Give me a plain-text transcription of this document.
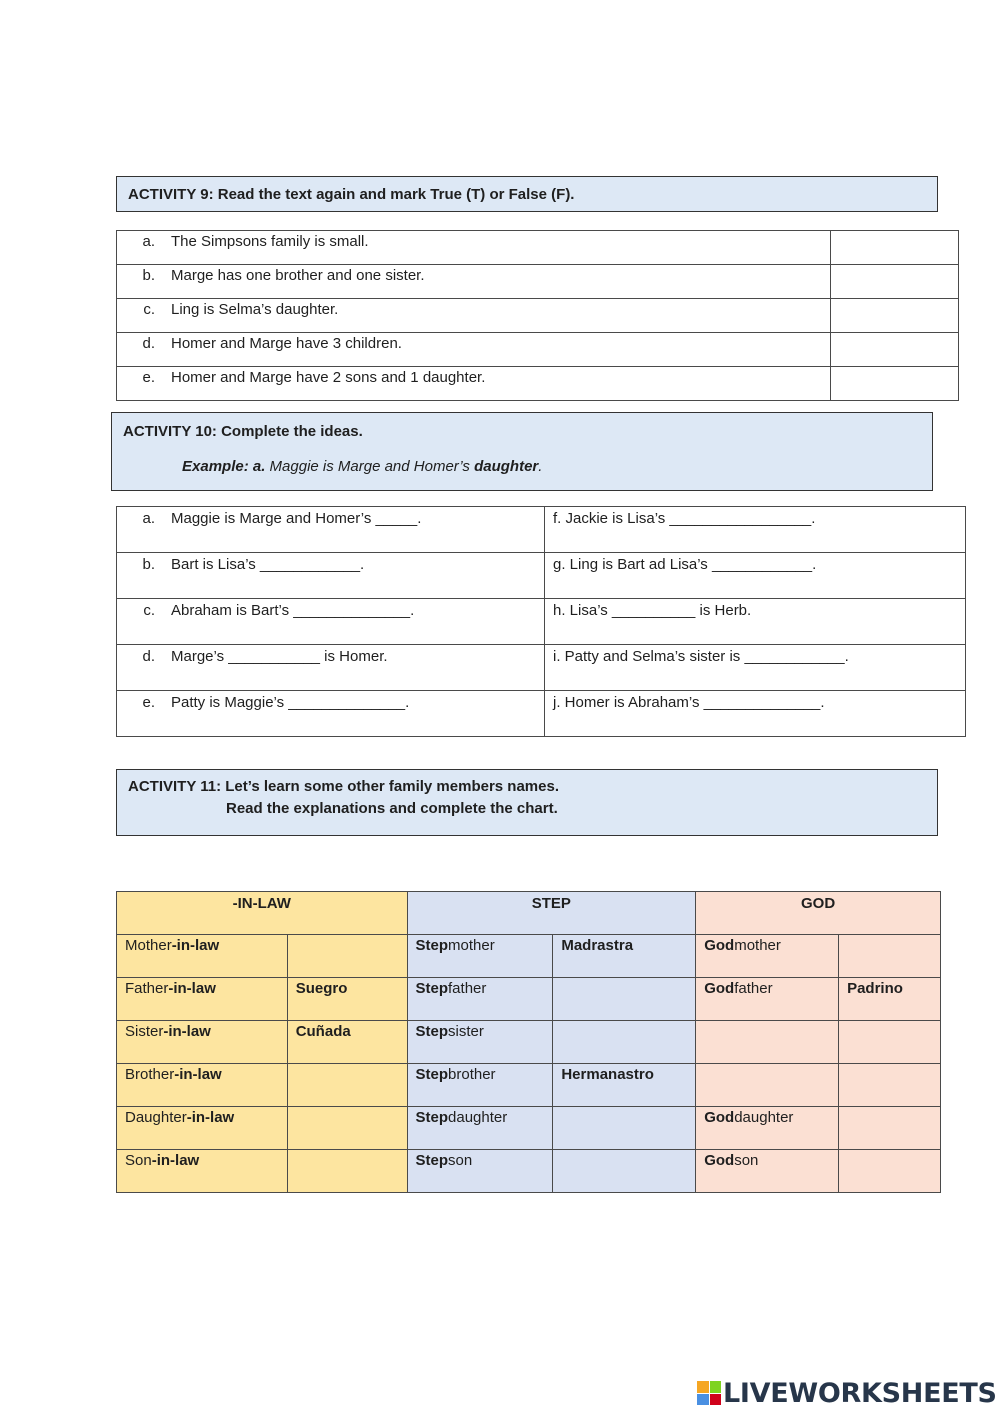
ACTIVITY 9: Read the text again and mark True (T) or False (F).
a. The Simpsons family is small.	
b. Marge has one brother and one sister.	
c. Ling is Selma’s daughter.	
d. Homer and Marge have 3 children.	
e. Homer and Marge have 2 sons and 1 daughter.	
ACTIVITY 10: Complete the ideas.
Example: a. Maggie is Marge and Homer’s daughter.
a. Maggie is Marge and Homer’s _____.	f. Jackie is Lisa’s _________________.
b. Bart is Lisa’s ____________.	g. Ling is Bart ad Lisa’s ____________.
c. Abraham is Bart’s ______________.	h. Lisa’s __________ is Herb.
d. Marge’s ___________ is Homer.	i. Patty and Selma’s sister is ____________.
e. Patty is Maggie’s ______________.	j. Homer is Abraham’s ______________.
ACTIVITY 11: Let’s learn some other family members names.
Read the explanations and complete the chart.
-IN-LAW		STEP		GOD	
Mother-in-law		Stepmother	Madrastra	Godmother	
Father-in-law	Suegro	Stepfather		Godfather	Padrino
Sister-in-law	Cuñada	Stepsister			
Brother-in-law		Stepbrother	Hermanastro		
Daughter-in-law		Stepdaughter		Goddaughter	
Son-in-law		Stepson		Godson	
LIVEWORKSHEETS
